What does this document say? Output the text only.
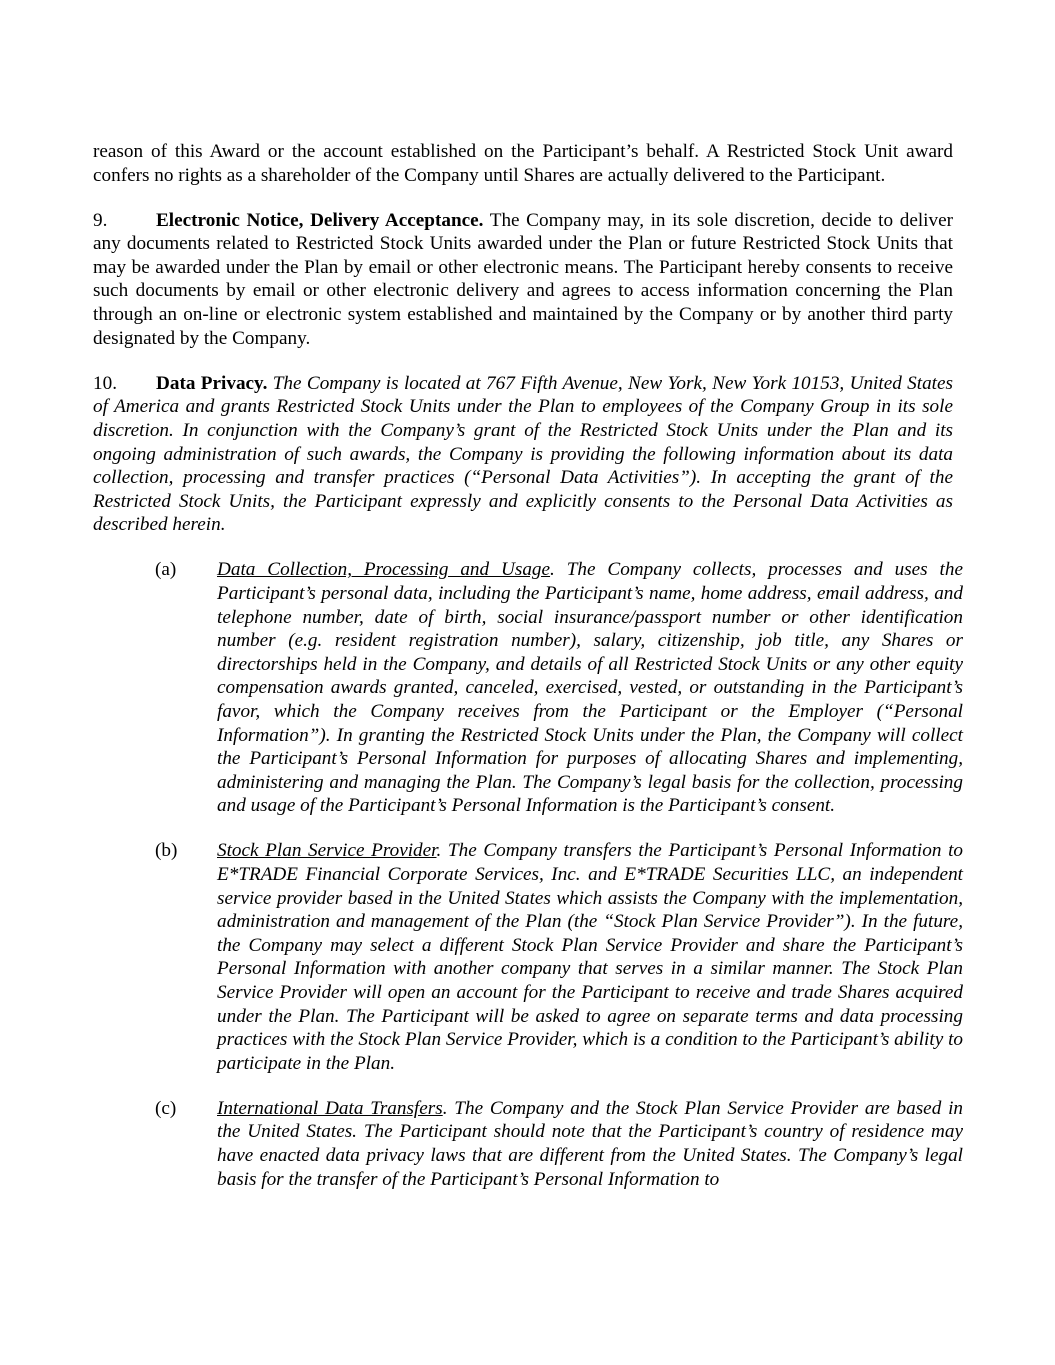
reason of this Award or the account established on the Participant’s behalf. A Restricted Stock Unit award confers no rights as a shareholder of the Company until Shares are actually delivered to the Participant.

9.	Electronic Notice, Delivery Acceptance. The Company may, in its sole discretion, decide to deliver any documents related to Restricted Stock Units awarded under the Plan or future Restricted Stock Units that may be awarded under the Plan by email or other electronic means. The Participant hereby consents to receive such documents by email or other electronic delivery and agrees to access information concerning the Plan through an on-line or electronic system established and maintained by the Company or by another third party designated by the Company.

10. Data Privacy. The Company is located at 767 Fifth Avenue, New York, New York 10153, United States of America and grants Restricted Stock Units under the Plan to employees of the Company Group in its sole discretion. In conjunction with the Company’s grant of the Restricted Stock Units under the Plan and its ongoing administration of such awards, the Company is providing the following information about its data collection, processing and transfer practices (“Personal Data Activities”). In accepting the grant of the Restricted Stock Units, the Participant expressly and explicitly consents to the Personal Data Activities as described herein.

(a)	Data Collection, Processing and Usage. The Company collects, processes and uses the Participant’s personal data, including the Participant’s name, home address, email address, and telephone number, date of birth, social insurance/passport number or other identification number (e.g. resident registration number), salary, citizenship, job title, any Shares or directorships held in the Company, and details of all Restricted Stock Units or any other equity compensation awards granted, canceled, exercised, vested, or outstanding in the Participant’s favor, which the Company receives from the Participant or the Employer (“Personal Information”). In granting the Restricted Stock Units under the Plan, the Company will collect the Participant’s Personal Information for purposes of allocating Shares and implementing, administering and managing the Plan. The Company’s legal basis for the collection, processing and usage of the Participant’s Personal Information is the Participant’s consent.
(b)	Stock Plan Service Provider. The Company transfers the Participant’s Personal Information to E*TRADE Financial Corporate Services, Inc. and E*TRADE Securities LLC, an independent service provider based in the United States which assists the Company with the implementation, administration and management of the Plan (the “Stock Plan Service Provider”). In the future, the Company may select a different Stock Plan Service Provider and share the Participant’s Personal Information with another company that serves in a similar manner. The Stock Plan Service Provider will open an account for the Participant to receive and trade Shares acquired under the Plan. The Participant will be asked to agree on separate terms and data processing practices with the Stock Plan Service Provider, which is a condition to the Participant’s ability to participate in the Plan.
(c)	International Data Transfers. The Company and the Stock Plan Service Provider are based in the United States. The Participant should note that the Participant’s country of residence may have enacted data privacy laws that are different from the United States. The Company’s legal basis for the transfer of the Participant’s Personal Information to
